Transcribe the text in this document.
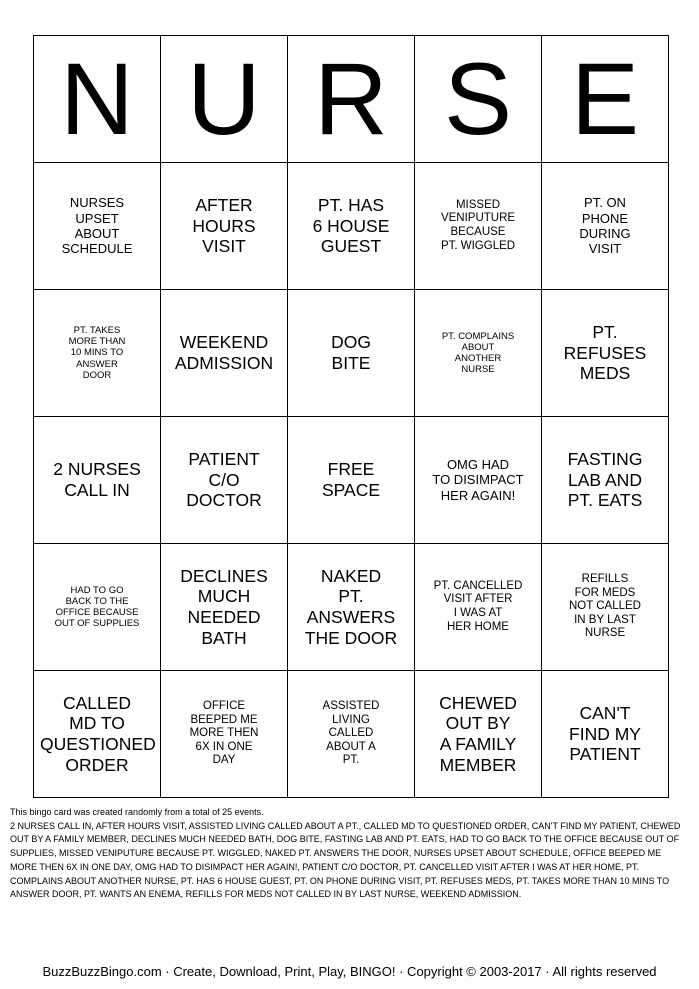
N	U	R	S	E

NURSES
UPSET
ABOUT
SCHEDULE	AFTER
HOURS
VISIT	PT. HAS
6 HOUSE
GUEST	MISSED
VENIPUTURE
BECAUSE
PT. WIGGLED	PT. ON
PHONE
DURING
VISIT

PT. TAKES
MORE THAN
10 MINS TO
ANSWER
DOOR	WEEKEND
ADMISSION	DOG
BITE	PT. COMPLAINS
ABOUT
ANOTHER
NURSE	PT.
REFUSES
MEDS

2 NURSES
CALL IN	PATIENT
C/O
DOCTOR	FREE
SPACE	OMG HAD
TO DISIMPACT
HER AGAIN!	FASTING
LAB AND
PT. EATS

HAD TO GO
BACK TO THE
OFFICE BECAUSE
OUT OF SUPPLIES	DECLINES
MUCH
NEEDED
BATH	NAKED
PT.
ANSWERS
THE DOOR	PT. CANCELLED
VISIT AFTER
I WAS AT
HER HOME	REFILLS
FOR MEDS
NOT CALLED
IN BY LAST
NURSE

CALLED
MD TO
QUESTIONED
ORDER	OFFICE
BEEPED ME
MORE THEN
6X IN ONE
DAY	ASSISTED
LIVING
CALLED
ABOUT A
PT.	CHEWED
OUT BY
A FAMILY
MEMBER	CAN'T
FIND MY
PATIENT

This bingo card was created randomly from a total of 25 events.

2 NURSES CALL IN, AFTER HOURS VISIT, ASSISTED LIVING CALLED ABOUT A PT., CALLED MD TO QUESTIONED ORDER, CAN'T FIND MY PATIENT, CHEWED OUT BY A FAMILY MEMBER, DECLINES MUCH NEEDED BATH, DOG BITE, FASTING LAB AND PT. EATS, HAD TO GO BACK TO THE OFFICE BECAUSE OUT OF SUPPLIES, MISSED VENIPUTURE BECAUSE PT. WIGGLED, NAKED PT. ANSWERS THE DOOR, NURSES UPSET ABOUT SCHEDULE, OFFICE BEEPED ME MORE THEN 6X IN ONE DAY, OMG HAD TO DISIMPACT HER AGAIN!, PATIENT C/O DOCTOR, PT. CANCELLED VISIT AFTER I WAS AT HER HOME, PT. COMPLAINS ABOUT ANOTHER NURSE, PT. HAS 6 HOUSE GUEST, PT. ON PHONE DURING VISIT, PT. REFUSES MEDS, PT. TAKES MORE THAN 10 MINS TO ANSWER DOOR, PT. WANTS AN ENEMA, REFILLS FOR MEDS NOT CALLED IN BY LAST NURSE, WEEKEND ADMISSION.

BuzzBuzzBingo.com · Create, Download, Print, Play, BINGO! · Copyright © 2003-2017 · All rights reserved
